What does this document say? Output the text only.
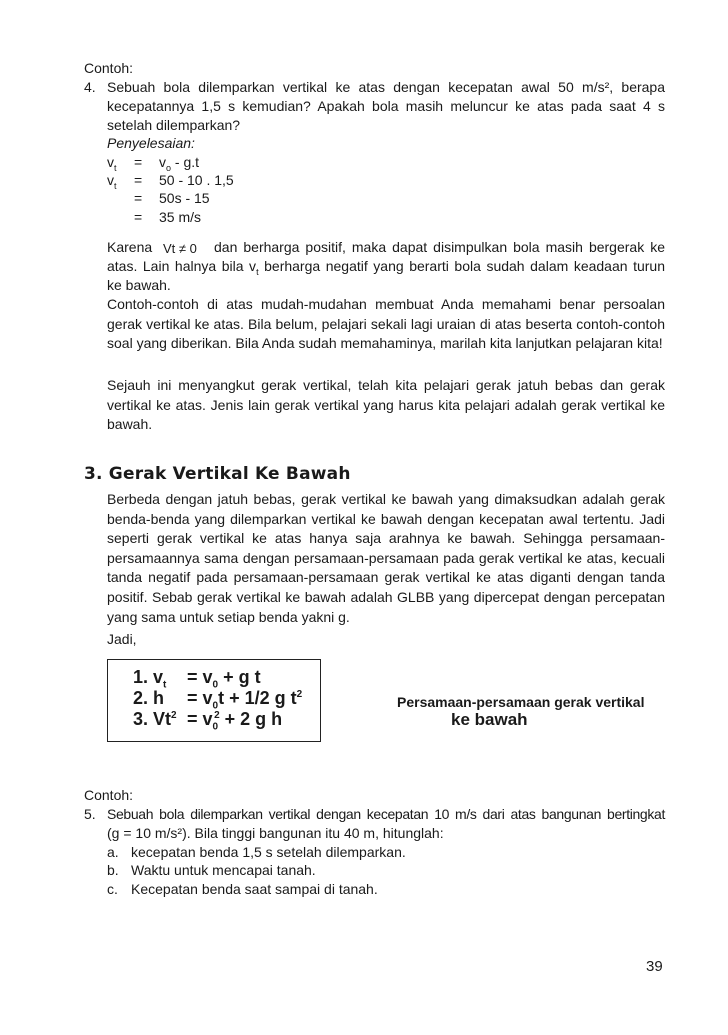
Contoh:
4. Sebuah bola dilemparkan vertikal ke atas dengan kecepatan awal 50 m/s², berapa
kecepatannya 1,5 s kemudian? Apakah bola masih meluncur ke atas pada saat 4 s
setelah dilemparkan?
Penyelesaian:
$v_t = v_o - g.t$
$v_t = 50 - 10$ . 1,5
= 50s - 15
= 35 m/s
Karena Vt ≠ 0 dan berharga positif, maka dapat disimpulkan bola masih bergerak ke
atas. Lain halnya bila $v_t$ berharga negatif yang berarti bola sudah dalam keadaan turun
ke bawah.
Contoh-contoh di atas mudah-mudahan membuat Anda memahami benar persoalan gerak vertikal ke atas. Bila belum, pelajari sekali lagi uraian di atas beserta contoh-contoh soal yang diberikan. Bila Anda sudah memahaminya, marilah kita lanjutkan pelajaran kita!
Sejauh ini menyangkut gerak vertikal, telah kita pelajari gerak jatuh bebas dan gerak vertikal ke atas. Jenis lain gerak vertikal yang harus kita pelajari adalah gerak vertikal ke bawah.
3. Gerak Vertikal Ke Bawah
Berbeda dengan jatuh bebas, gerak vertikal ke bawah yang dimaksudkan adalah gerak benda-benda yang dilemparkan vertikal ke bawah dengan kecepatan awal tertentu. Jadi seperti gerak vertikal ke atas hanya saja arahnya ke bawah. Sehingga persamaan-persamaannya sama dengan persamaan-persamaan pada gerak vertikal ke atas, kecuali tanda negatif pada persamaan-persamaan gerak vertikal ke atas diganti dengan tanda positif. Sebab gerak vertikal ke bawah adalah GLBB yang dipercepat dengan percepatan yang sama untuk setiap benda yakni g.
Jadi,
1. $v_t = v_0 + g$ t
2. $h = v_0t + 1/2$ g $t^2$
3. $Vt^2 = v_0^2 + 2$ g h
Persamaan-persamaan gerak vertikal
ke bawah
Contoh:
5. Sebuah bola dilemparkan vertikal dengan kecepatan 10 m/s dari atas bangunan bertingkat
(g = 10 m/s²). Bila tinggi bangunan itu 40 m, hitunglah:
a. kecepatan benda 1,5 s setelah dilemparkan.
b. Waktu untuk mencapai tanah.
c. Kecepatan benda saat sampai di tanah.
39
